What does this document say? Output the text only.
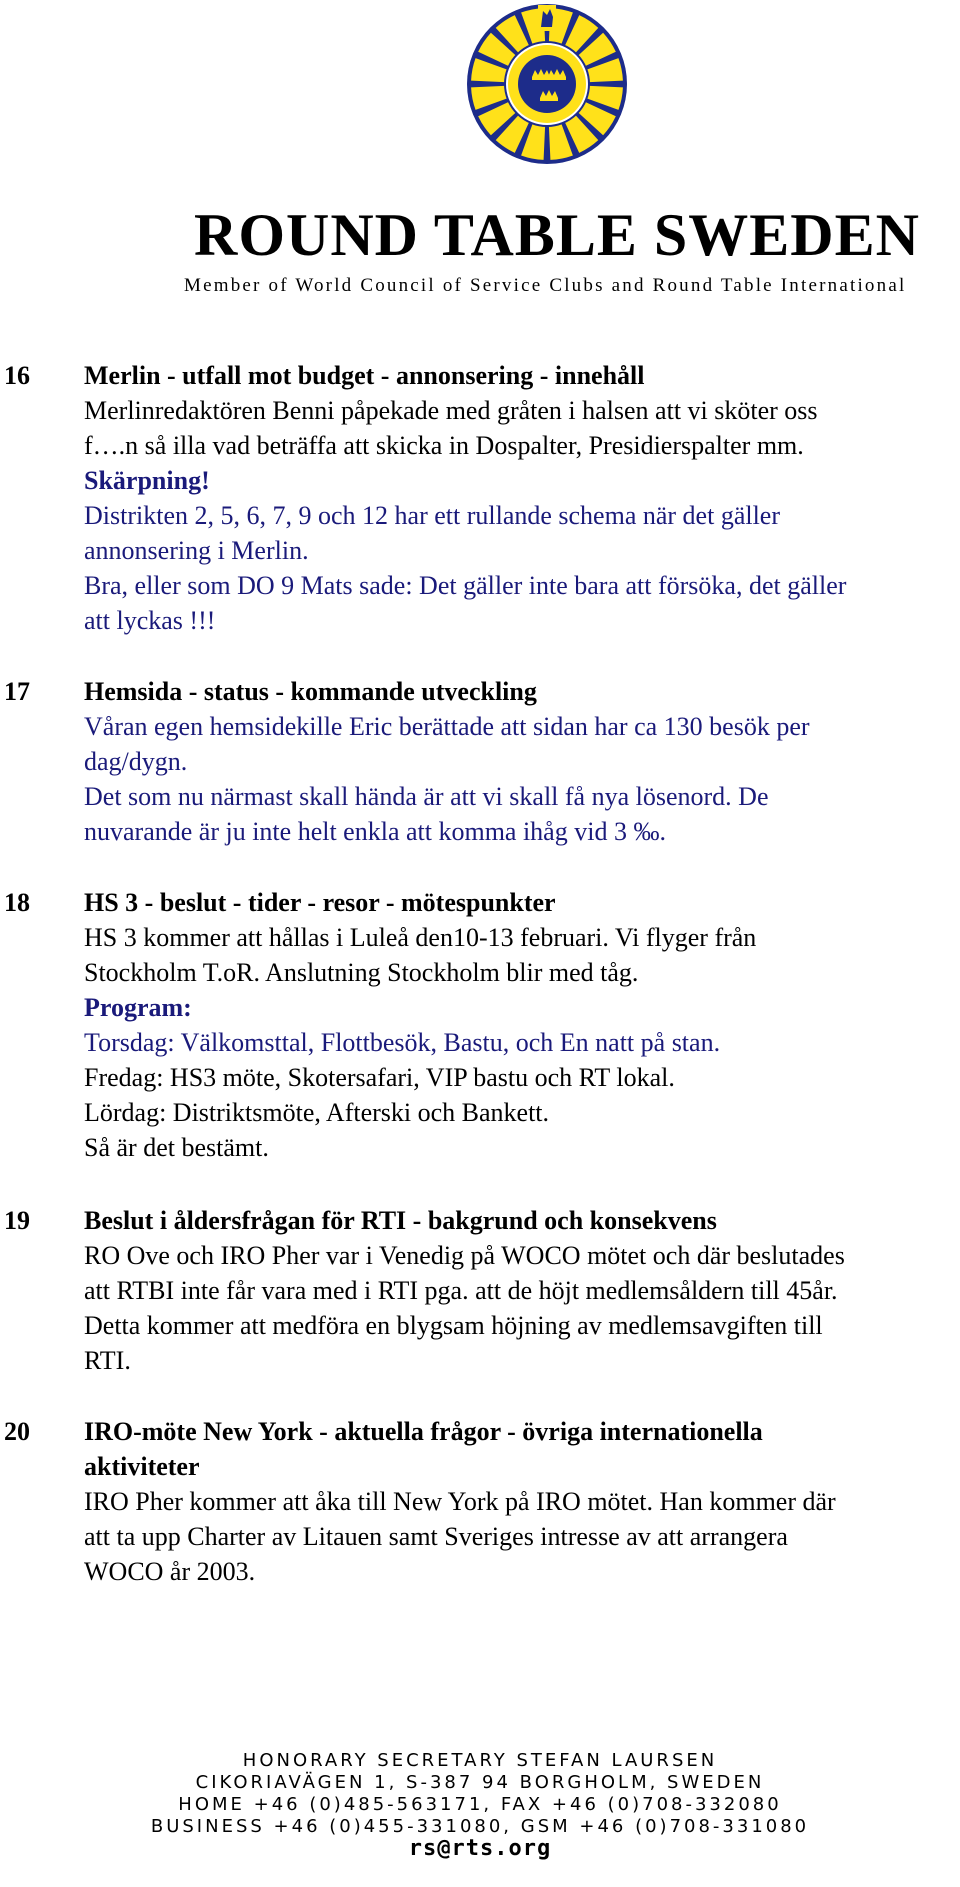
ROUND TABLE SWEDEN
Member of World Council of Service Clubs and Round Table International
16 Merlin - utfall mot budget - annonsering - innehåll
Merlinredaktören Benni påpekade med gråten i halsen att vi sköter oss
f….n så illa vad beträffa att skicka in Dospalter, Presidierspalter mm.
Skärpning!
Distrikten 2, 5, 6, 7, 9 och 12 har ett rullande schema när det gäller
annonsering i Merlin.
Bra, eller som DO 9 Mats sade: Det gäller inte bara att försöka, det gäller
att lyckas !!!
17 Hemsida - status - kommande utveckling
Våran egen hemsidekille Eric berättade att sidan har ca 130 besök per
dag/dygn.
Det som nu närmast skall hända är att vi skall få nya lösenord. De
nuvarande är ju inte helt enkla att komma ihåg vid 3 ‰.
18 HS 3 - beslut - tider - resor - mötespunkter
HS 3 kommer att hållas i Luleå den10-13 februari. Vi flyger från
Stockholm T.oR. Anslutning Stockholm blir med tåg.
Program:
Torsdag: Välkomsttal, Flottbesök, Bastu, och En natt på stan.
Fredag: HS3 möte, Skotersafari, VIP bastu och RT lokal.
Lördag: Distriktsmöte, Afterski och Bankett.
Så är det bestämt.
19 Beslut i åldersfrågan för RTI - bakgrund och konsekvens
RO Ove och IRO Pher var i Venedig på WOCO mötet och där beslutades
att RTBI inte får vara med i RTI pga. att de höjt medlemsåldern till 45år.
Detta kommer att medföra en blygsam höjning av medlemsavgiften till
RTI.
20 IRO-möte New York - aktuella frågor - övriga internationella
aktiviteter
IRO Pher kommer att åka till New York på IRO mötet. Han kommer där
att ta upp Charter av Litauen samt Sveriges intresse av att arrangera
WOCO år 2003.
HONORARY SECRETARY STEFAN LAURSEN
CIKORIAVÄGEN 1, S-387 94 BORGHOLM, SWEDEN
HOME +46 (0)485-563171, FAX +46 (0)708-332080
BUSINESS +46 (0)455-331080, GSM +46 (0)708-331080
rs@rts.org
